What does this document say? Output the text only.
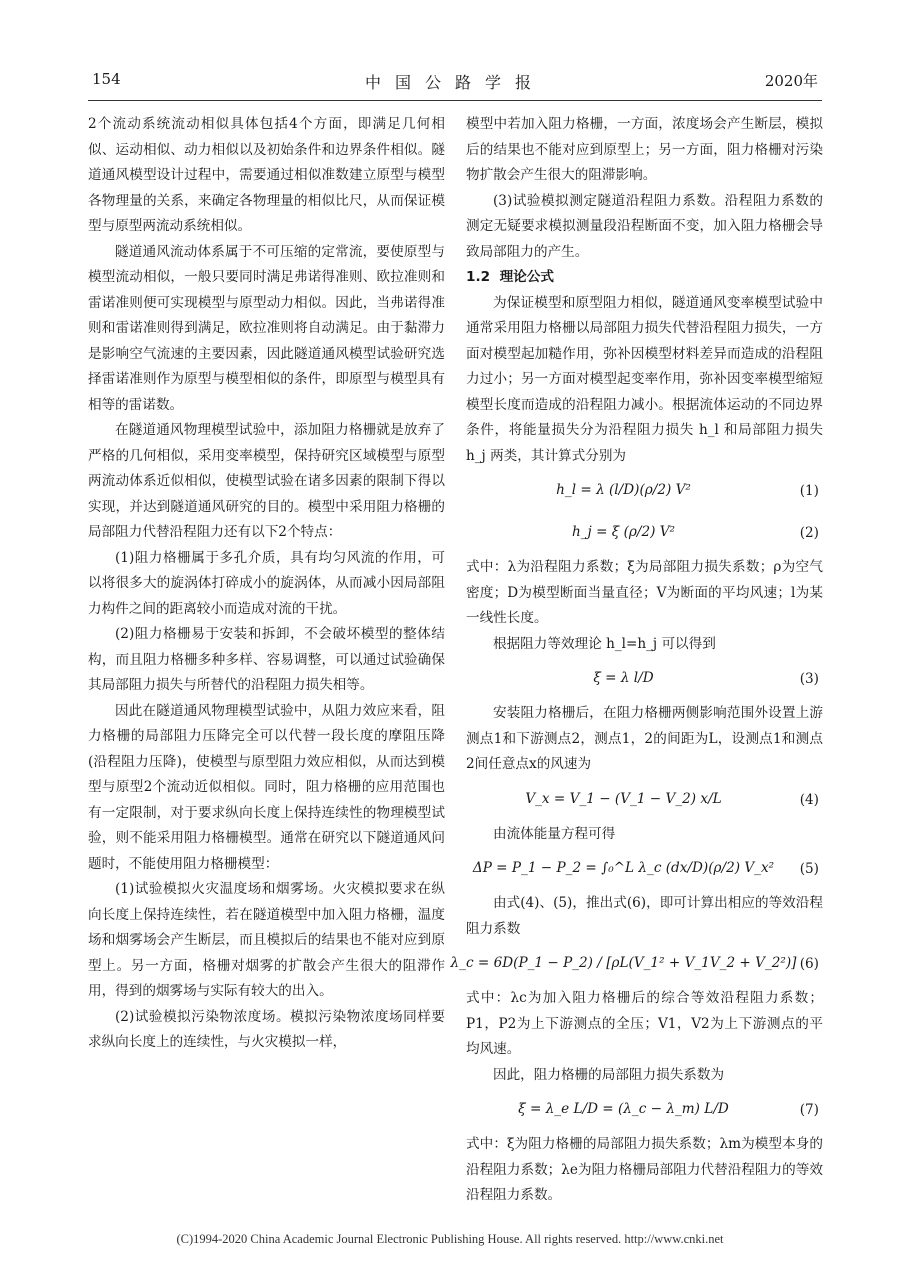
154	中国公路学报	2020年

2个流动系统流动相似具体包括4个方面，即满足几何相似、运动相似、动力相似以及初始条件和边界条件相似。隧道通风模型设计过程中，需要通过相似准数建立原型与模型各物理量的关系，来确定各物理量的相似比尺，从而保证模型与原型两流动系统相似。

隧道通风流动体系属于不可压缩的定常流，要使原型与模型流动相似，一般只要同时满足弗诺得准则、欧拉准则和雷诺准则便可实现模型与原型动力相似。因此，当弗诺得准则和雷诺准则得到满足，欧拉准则将自动满足。由于黏滞力是影响空气流速的主要因素，因此隧道通风模型试验研究选择雷诺准则作为原型与模型相似的条件，即原型与模型具有相等的雷诺数。

在隧道通风物理模型试验中，添加阻力格栅就是放弃了严格的几何相似，采用变率模型，保持研究区域模型与原型两流动体系近似相似，使模型试验在诸多因素的限制下得以实现，并达到隧道通风研究的目的。模型中采用阻力格栅的局部阻力代替沿程阻力还有以下2个特点：

(1)阻力格栅属于多孔介质，具有均匀风流的作用，可以将很多大的旋涡体打碎成小的旋涡体，从而减小因局部阻力构件之间的距离较小而造成对流的干扰。

(2)阻力格栅易于安装和拆卸，不会破坏模型的整体结构，而且阻力格栅多种多样、容易调整，可以通过试验确保其局部阻力损失与所替代的沿程阻力损失相等。

因此在隧道通风物理模型试验中，从阻力效应来看，阻力格栅的局部阻力压降完全可以代替一段长度的摩阻压降(沿程阻力压降)，使模型与原型阻力效应相似，从而达到模型与原型2个流动近似相似。同时，阻力格栅的应用范围也有一定限制，对于要求纵向长度上保持连续性的物理模型试验，则不能采用阻力格栅模型。通常在研究以下隧道通风问题时，不能使用阻力格栅模型：

(1)试验模拟火灾温度场和烟雾场。火灾模拟要求在纵向长度上保持连续性，若在隧道模型中加入阻力格栅，温度场和烟雾场会产生断层，而且模拟后的结果也不能对应到原型上。另一方面，格栅对烟雾的扩散会产生很大的阻滞作用，得到的烟雾场与实际有较大的出入。

(2)试验模拟污染物浓度场。模拟污染物浓度场同样要求纵向长度上的连续性，与火灾模拟一样，

模型中若加入阻力格栅，一方面，浓度场会产生断层，模拟后的结果也不能对应到原型上；另一方面，阻力格栅对污染物扩散会产生很大的阻滞影响。

(3)试验模拟测定隧道沿程阻力系数。沿程阻力系数的测定无疑要求模拟测量段沿程断面不变，加入阻力格栅会导致局部阻力的产生。

1.2 理论公式

为保证模型和原型阻力相似，隧道通风变率模型试验中通常采用阻力格栅以局部阻力损失代替沿程阻力损失，一方面对模型起加糙作用，弥补因模型材料差异而造成的沿程阻力过小；另一方面对模型起变率作用，弥补因变率模型缩短模型长度而造成的沿程阻力减小。根据流体运动的不同边界条件，将能量损失分为沿程阻力损失 h_l 和局部阻力损失 h_j 两类，其计算式分别为

h_l = λ (l/D)(ρ/2) V²	(1)
h_j = ξ (ρ/2) V²	(2)

式中：λ为沿程阻力系数；ξ为局部阻力损失系数；ρ为空气密度；D为模型断面当量直径；V为断面的平均风速；l为某一线性长度。

根据阻力等效理论 h_l=h_j 可以得到

ξ = λ l/D	(3)

安装阻力格栅后，在阻力格栅两侧影响范围外设置上游测点1和下游测点2，测点1，2的间距为L，设测点1和测点2间任意点x的风速为

V_x = V_1 − (V_1 − V_2) x/L	(4)

由流体能量方程可得

ΔP = P_1 − P_2 = ∫₀^L λ_c (dx/D)(ρ/2) V_x²	(5)

由式(4)、(5)，推出式(6)，即可计算出相应的等效沿程阻力系数

λ_c = 6D(P_1 − P_2) / [ρL(V_1² + V_1V_2 + V_2²)] (6)

式中：λc为加入阻力格栅后的综合等效沿程阻力系数；P1，P2为上下游测点的全压；V1，V2为上下游测点的平均风速。

因此，阻力格栅的局部阻力损失系数为

ξ = λ_e L/D = (λ_c − λ_m) L/D	(7)

式中：ξ为阻力格栅的局部阻力损失系数；λm为模型本身的沿程阻力系数；λe为阻力格栅局部阻力代替沿程阻力的等效沿程阻力系数。

(C)1994-2020 China Academic Journal Electronic Publishing House. All rights reserved. http://www.cnki.net
